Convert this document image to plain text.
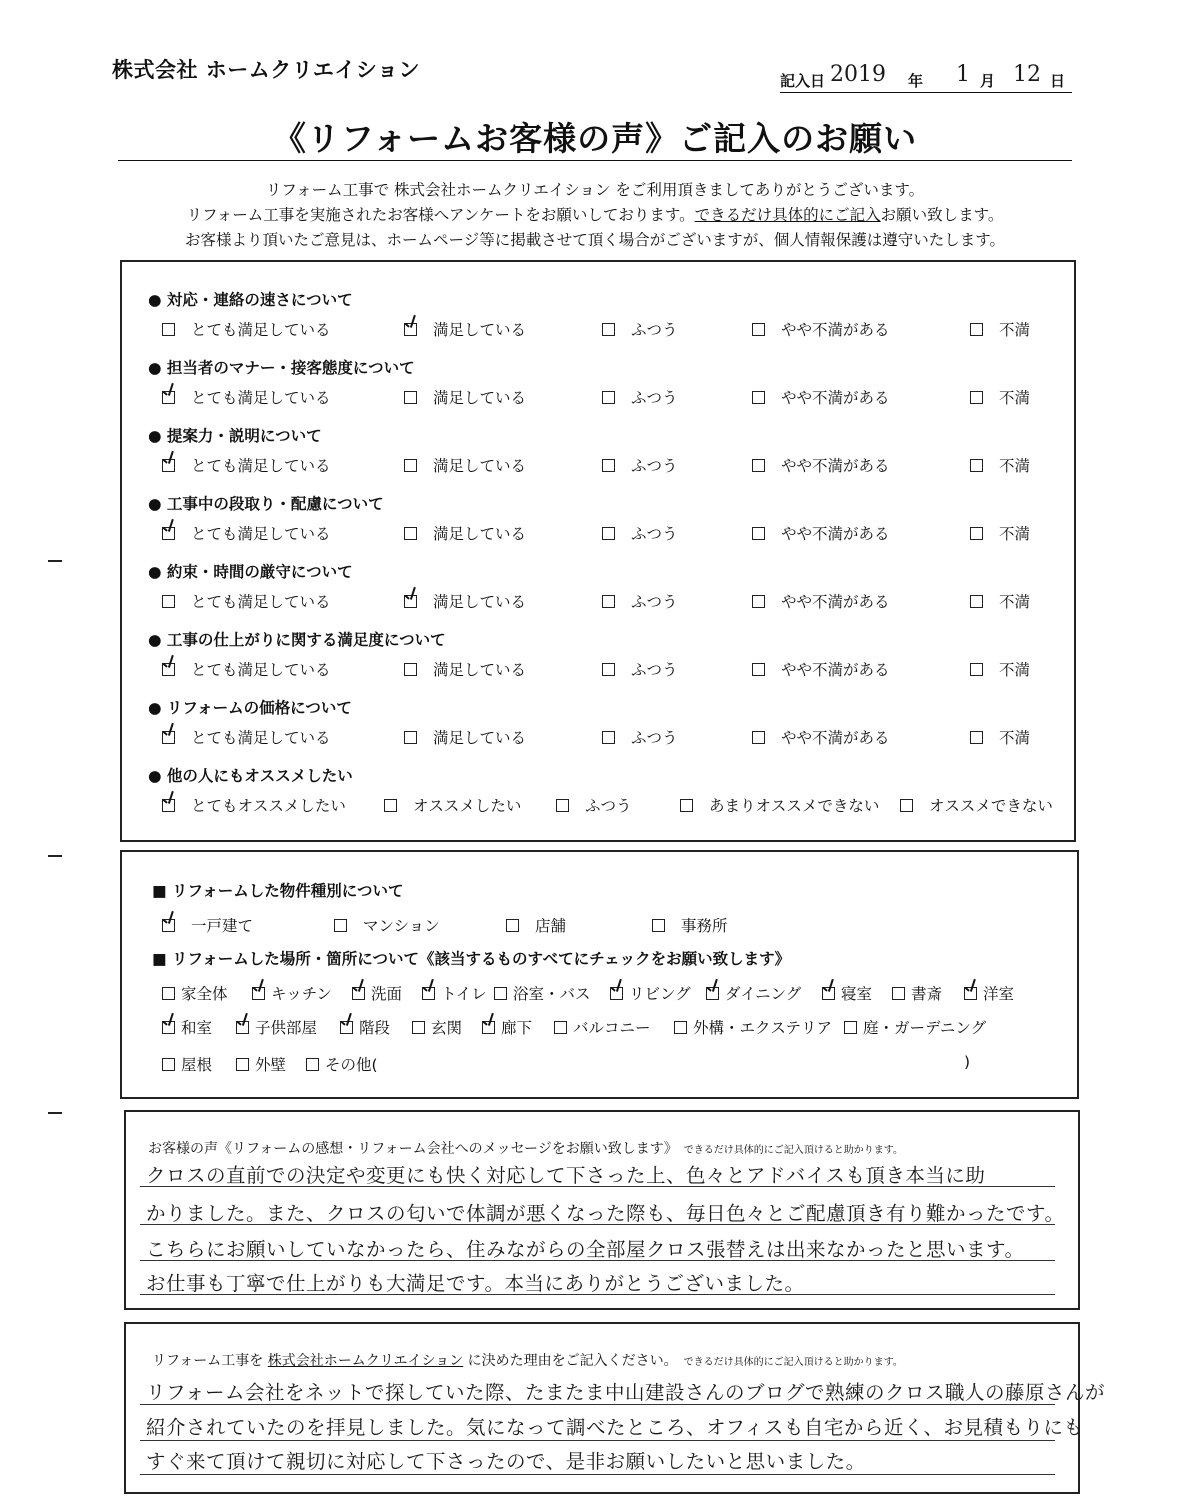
株式会社 ホームクリエイション	記入日 2019 年 1 月 12 日
《リフォームお客様の声》ご記入のお願い
リフォーム工事で 株式会社ホームクリエイション をご利用頂きましてありがとうございます。
リフォーム工事を実施されたお客様へアンケートをお願いしております。できるだけ具体的にご記入お願い致します。
お客様より頂いたご意見は、ホームページ等に掲載させて頂く場合がございますが、個人情報保護は遵守いたします。
● 対応・連絡の速さについて
とても満足している	満足している	ふつう	やや不満がある	不満
● 担当者のマナー・接客態度について
とても満足している	満足している	ふつう	やや不満がある	不満
● 提案力・説明について
とても満足している	満足している	ふつう	やや不満がある	不満
● 工事中の段取り・配慮について
とても満足している	満足している	ふつう	やや不満がある	不満
● 約束・時間の厳守について
とても満足している	満足している	ふつう	やや不満がある	不満
● 工事の仕上がりに関する満足度について
とても満足している	満足している	ふつう	やや不満がある	不満
● リフォームの価格について
とても満足している	満足している	ふつう	やや不満がある	不満
● 他の人にもオススメしたい
とてもオススメしたい	オススメしたい	ふつう	あまりオススメできない	オススメできない
■ リフォームした物件種別について
一戸建て	マンション	店舗	事務所
■ リフォームした場所・箇所について《該当するものすべてにチェックをお願い致します》
家全体	キッチン	洗面	トイレ	浴室・バス	リビング	ダイニング	寝室	書斎	洋室
和室	子供部屋	階段	玄関	廊下	バルコニー	外構・エクステリア	庭・ガーデニング
屋根	外壁	その他(	)
お客様の声《リフォームの感想・リフォーム会社へのメッセージをお願い致します》 できるだけ具体的にご記入頂けると助かります。
クロスの直前での決定や変更にも快く対応して下さった上、色々とアドバイスも頂き本当に助
かりました。また、クロスの匂いで体調が悪くなった際も、毎日色々とご配慮頂き有り難かったです。
こちらにお願いしていなかったら、住みながらの全部屋クロス張替えは出来なかったと思います。
お仕事も丁寧で仕上がりも大満足です。本当にありがとうございました。
リフォーム工事を 株式会社ホームクリエイション に決めた理由をご記入ください。 できるだけ具体的にご記入頂けると助かります。
リフォーム会社をネットで探していた際、たまたま中山建設さんのブログで熟練のクロス職人の藤原さんが
紹介されていたのを拝見しました。気になって調べたところ、オフィスも自宅から近く、お見積もりにも
すぐ来て頂けて親切に対応して下さったので、是非お願いしたいと思いました。
